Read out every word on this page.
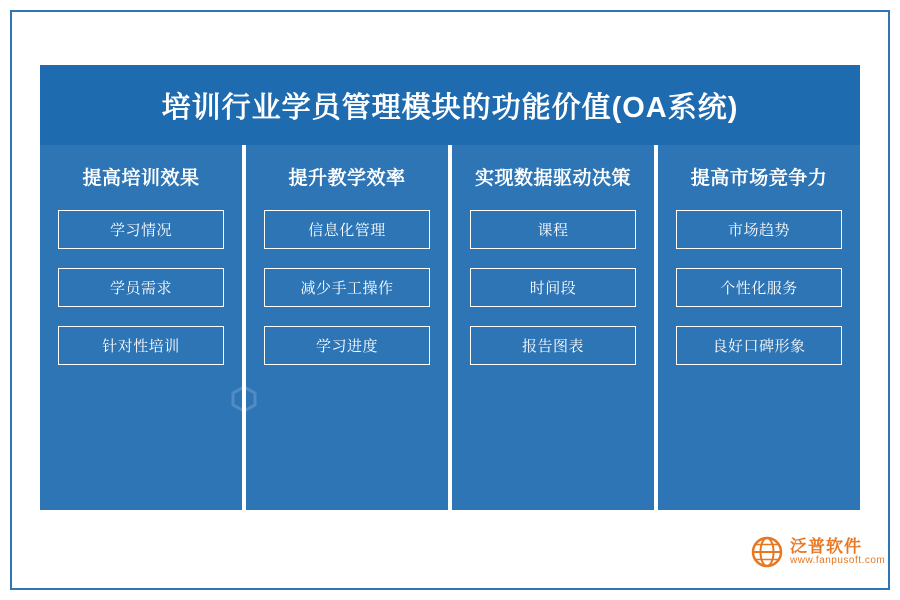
培训行业学员管理模块的功能价值(OA系统)
提高培训效果
学习情况
学员需求
针对性培训
提升教学效率
信息化管理
减少手工操作
学习进度
实现数据驱动决策
课程
时间段
报告图表
提高市场竞争力
市场趋势
个性化服务
良好口碑形象
泛普软件
www.fanpusoft.com
